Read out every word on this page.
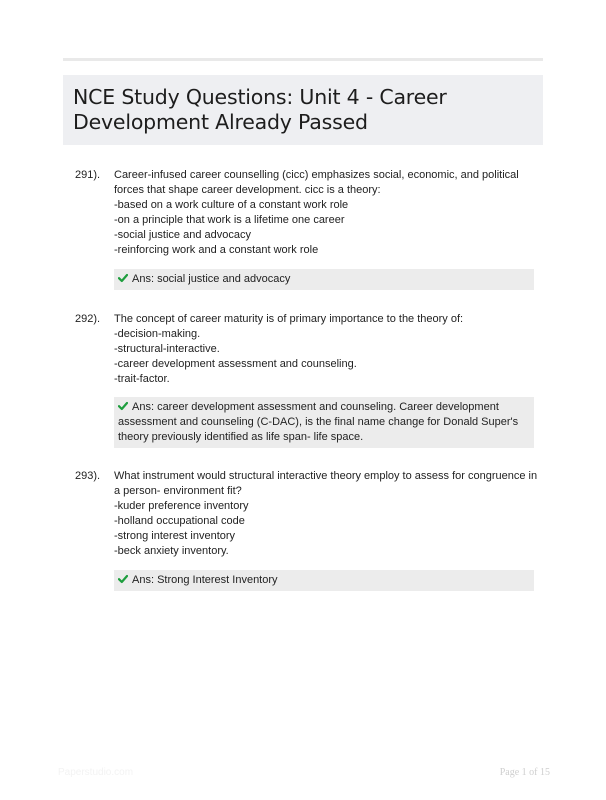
NCE Study Questions: Unit 4 - Career Development Already Passed
291). Career-infused career counselling (cicc) emphasizes social, economic, and political forces that shape career development. cicc is a theory:
-based on a work culture of a constant work role
-on a principle that work is a lifetime one career
-social justice and advocacy
-reinforcing work and a constant work role
Ans: social justice and advocacy
292). The concept of career maturity is of primary importance to the theory of:
-decision-making.
-structural-interactive.
-career development assessment and counseling.
-trait-factor.
Ans: career development assessment and counseling. Career development assessment and counseling (C-DAC), is the final name change for Donald Super's theory previously identified as life span- life space.
293). What instrument would structural interactive theory employ to assess for congruence in a person- environment fit?
-kuder preference inventory
-holland occupational code
-strong interest inventory
-beck anxiety inventory.
Ans: Strong Interest Inventory
Paperstudio.com	Page 1 of 15
